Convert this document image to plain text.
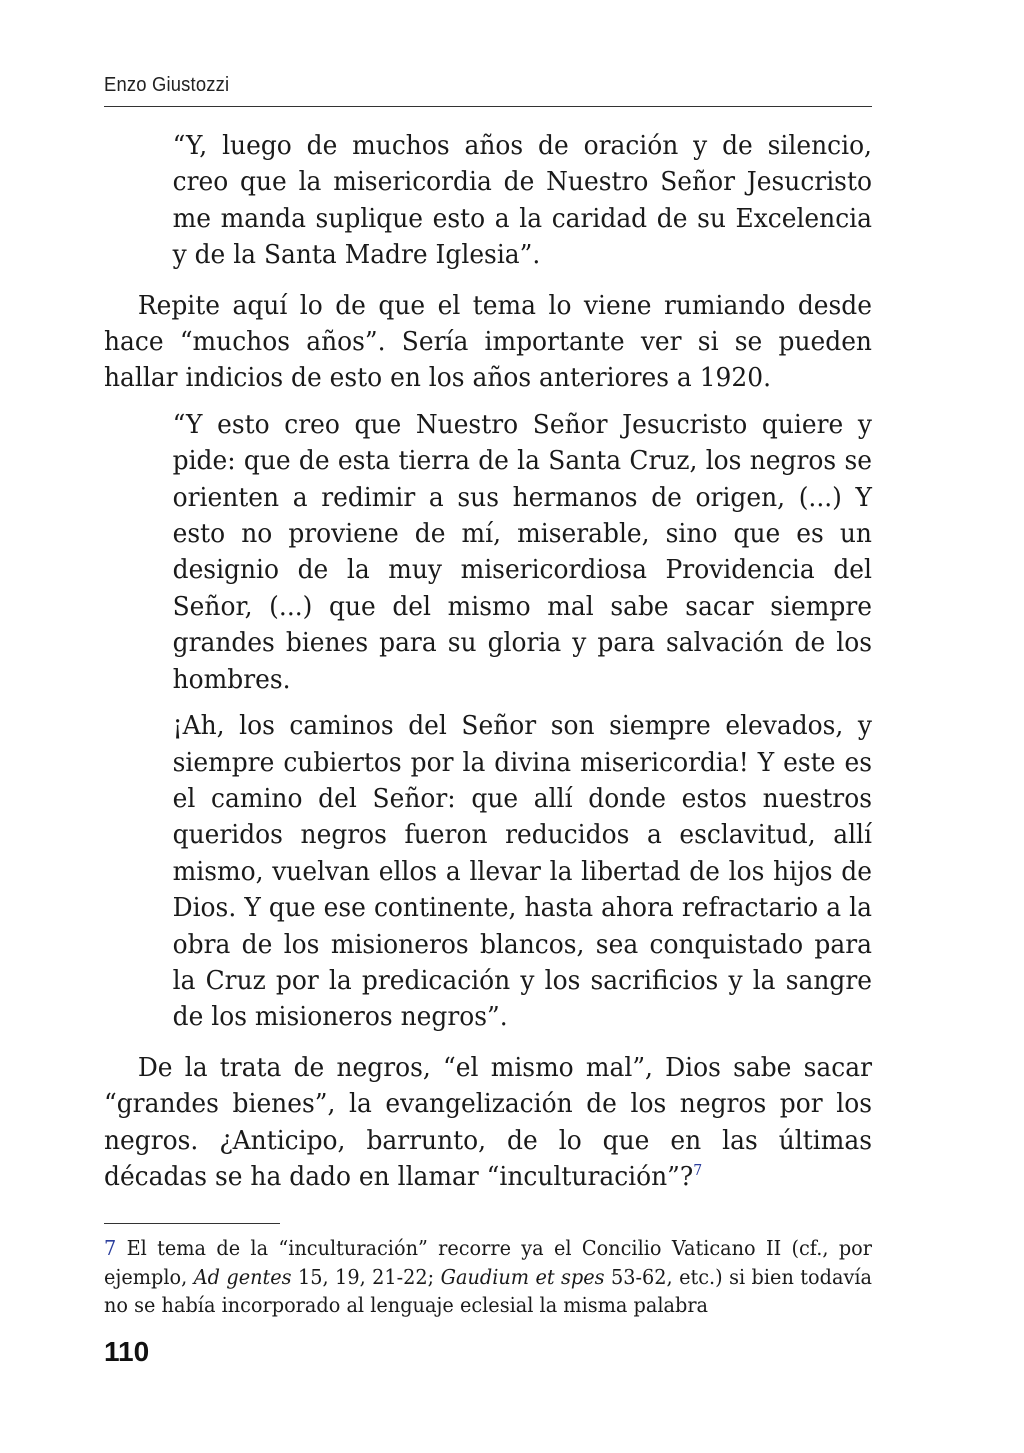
Enzo Giustozzi

“Y, luego de muchos años de oración y de silencio, creo que la misericordia de Nuestro Señor Jesucristo me manda suplique esto a la caridad de su Excelencia y de la Santa Madre Iglesia”.

Repite aquí lo de que el tema lo viene rumiando desde hace “muchos años”. Sería importante ver si se pueden hallar indicios de esto en los años anteriores a 1920.

“Y esto creo que Nuestro Señor Jesucristo quiere y pide: que de esta tierra de la Santa Cruz, los negros se orienten a redimir a sus hermanos de origen, (...) Y esto no proviene de mí, miserable, sino que es un designio de la muy misericordiosa Providencia del Señor, (...) que del mismo mal sabe sacar siempre grandes bienes para su gloria y para salvación de los hombres.

¡Ah, los caminos del Señor son siempre elevados, y siempre cubiertos por la divina misericordia! Y este es el camino del Señor: que allí donde estos nuestros queridos negros fueron reducidos a esclavitud, allí mismo, vuelvan ellos a llevar la libertad de los hijos de Dios. Y que ese continente, hasta ahora refractario a la obra de los misioneros blancos, sea conquistado para la Cruz por la predicación y los sacrificios y la sangre de los misioneros negros”.

De la trata de negros, “el mismo mal”, Dios sabe sacar “grandes bienes”, la evangelización de los negros por los negros. ¿Anticipo, barrunto, de lo que en las últimas décadas se ha dado en llamar “inculturación”?$^7$

7 El tema de la “inculturación” recorre ya el Concilio Vaticano II (cf., por ejemplo, Ad gentes 15, 19, 21-22; Gaudium et spes 53-62, etc.) si bien todavía no se había incorporado al lenguaje eclesial la misma palabra
110
